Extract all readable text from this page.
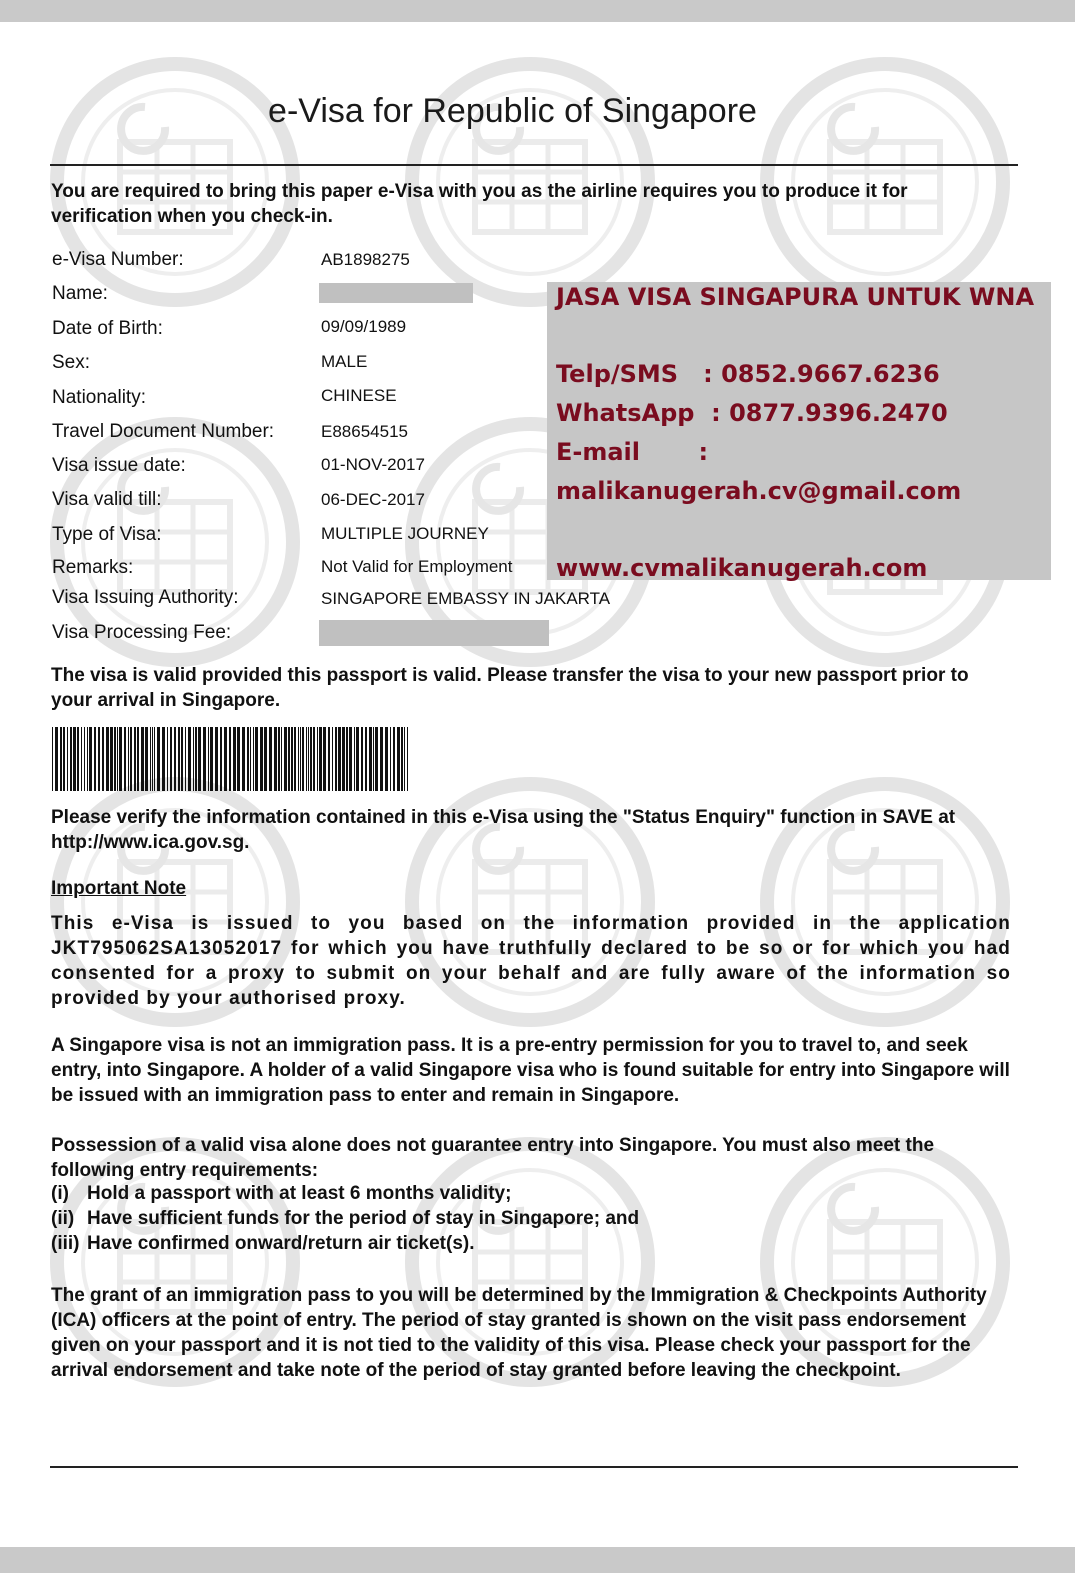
e-Visa for Republic of Singapore

You are required to bring this paper e-Visa with you as the airline requires you to produce it for verification when you check-in.

e-Visa Number:	AB1898275
Name:
Date of Birth:	09/09/1989
Sex:	MALE
Nationality:	CHINESE
Travel Document Number:	E88654515
Visa issue date:	01-NOV-2017
Visa valid till:	06-DEC-2017
Type of Visa:	MULTIPLE JOURNEY
Remarks:	Not Valid for Employment
Visa Issuing Authority:	SINGAPORE EMBASSY IN JAKARTA
Visa Processing Fee:
JASA VISA SINGAPURA UNTUK WNA
Telp/SMS   : 0852.9667.6236
WhatsApp  : 0877.9396.2470
E-mail       :
malikanugerah.cv@gmail.com
www.cvmalikanugerah.com

The visa is valid provided this passport is valid. Please transfer the visa to your new passport prior to your arrival in Singapore.

Please verify the information contained in this e-Visa using the "Status Enquiry" function in SAVE at http://www.ica.gov.sg.

Important Note

This e-Visa is issued to you based on the information provided in the application JKT795062SA13052017 for which you have truthfully declared to be so or for which you had consented for a proxy to submit on your behalf and are fully aware of the information so provided by your authorised proxy.

A Singapore visa is not an immigration pass. It is a pre-entry permission for you to travel to, and seek entry, into Singapore. A holder of a valid Singapore visa who is found suitable for entry into Singapore will be issued with an immigration pass to enter and remain in Singapore.

Possession of a valid visa alone does not guarantee entry into Singapore. You must also meet the following entry requirements:

(i) Hold a passport with at least 6 months validity;
(ii) Have sufficient funds for the period of stay in Singapore; and
(iii) Have confirmed onward/return air ticket(s).

The grant of an immigration pass to you will be determined by the Immigration & Checkpoints Authority (ICA) officers at the point of entry. The period of stay granted is shown on the visit pass endorsement given on your passport and it is not tied to the validity of this visa. Please check your passport for the arrival endorsement and take note of the period of stay granted before leaving the checkpoint.
